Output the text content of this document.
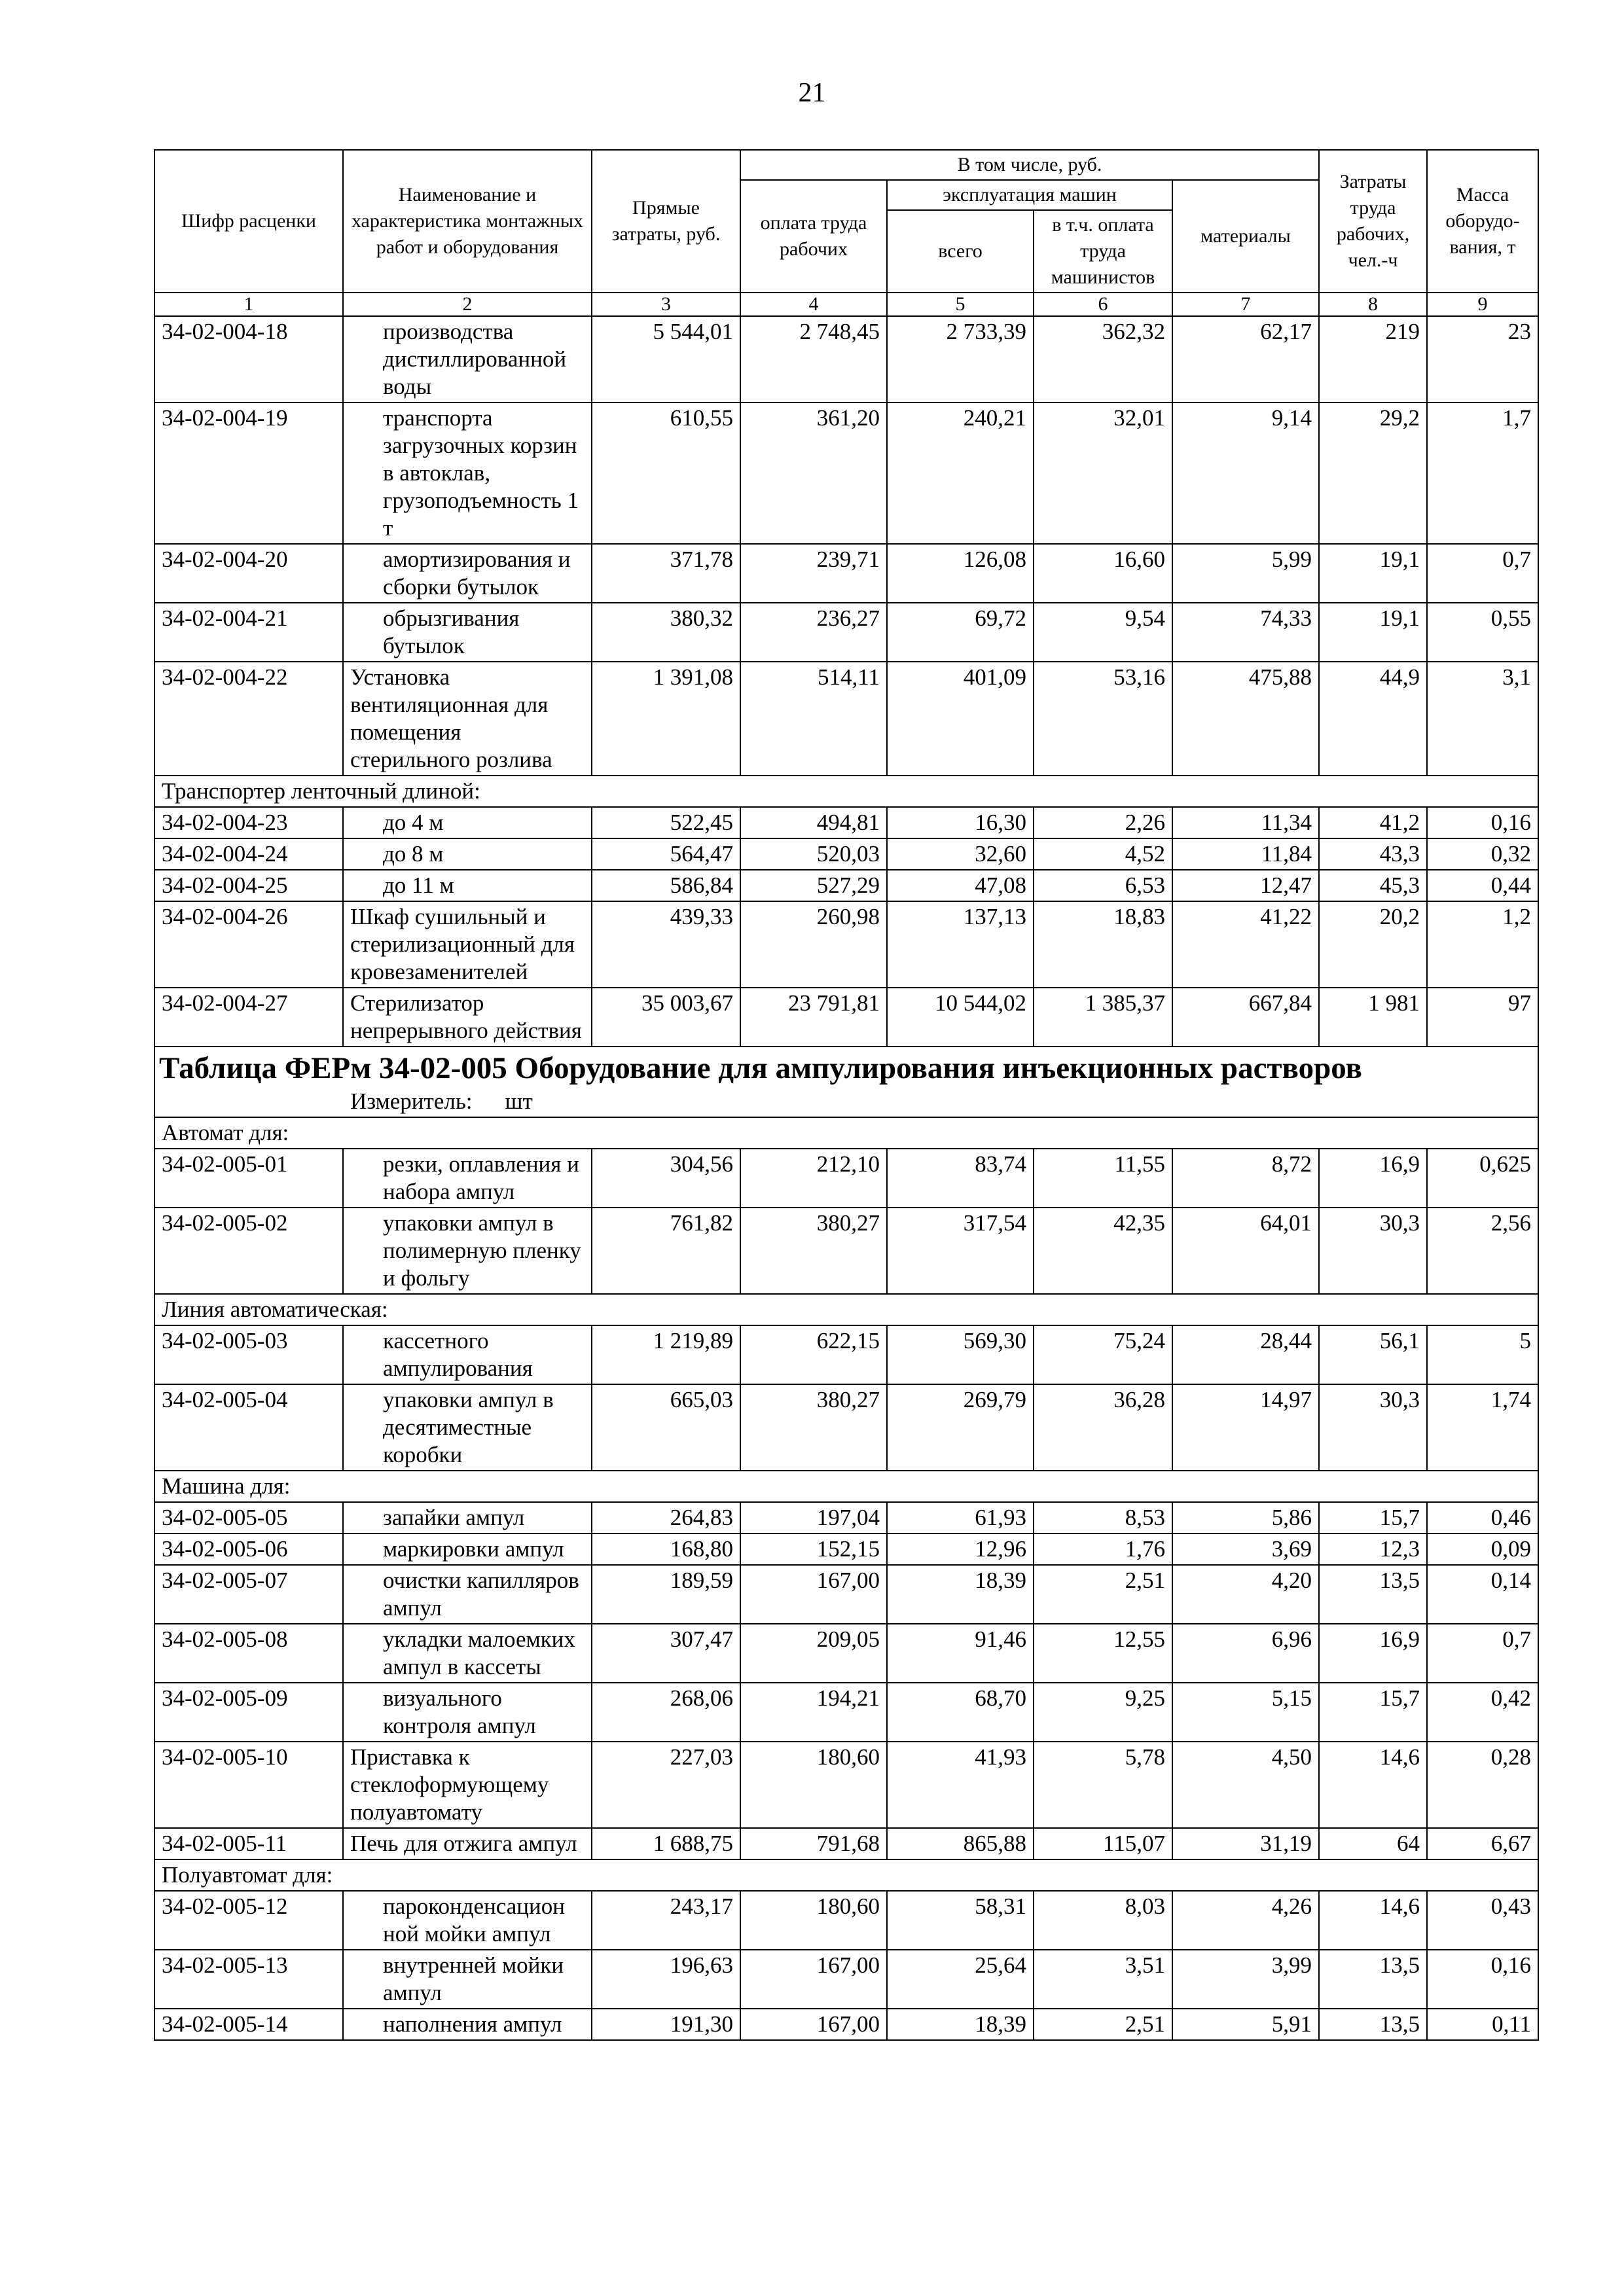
21
Шифр расценки	Наименование и характеристика монтажных работ и оборудования	Прямые затраты, руб.	В том числе, руб.				Затраты труда рабочих, чел.-ч	Масса оборудо-вания, т
			оплата труда рабочих	эксплуатация машин		материалы		
				всего	в т.ч. оплата труда машинистов			
1	2	3	4	5	6	7	8	9
34-02-004-18	производства дистиллированной воды	5 544,01	2 748,45	2 733,39	362,32	62,17	219	23
34-02-004-19	транспорта загрузочных корзин в автоклав, грузоподъемность 1 т	610,55	361,20	240,21	32,01	9,14	29,2	1,7
34-02-004-20	амортизирования и сборки бутылок	371,78	239,71	126,08	16,60	5,99	19,1	0,7
34-02-004-21	обрызгивания бутылок	380,32	236,27	69,72	9,54	74,33	19,1	0,55
34-02-004-22	Установка вентиляционная для помещения стерильного розлива	1 391,08	514,11	401,09	53,16	475,88	44,9	3,1
Транспортер ленточный длиной:								
34-02-004-23	до 4 м	522,45	494,81	16,30	2,26	11,34	41,2	0,16
34-02-004-24	до 8 м	564,47	520,03	32,60	4,52	11,84	43,3	0,32
34-02-004-25	до 11 м	586,84	527,29	47,08	6,53	12,47	45,3	0,44
34-02-004-26	Шкаф сушильный и стерилизационный для кровезаменителей	439,33	260,98	137,13	18,83	41,22	20,2	1,2
34-02-004-27	Стерилизатор непрерывного действия	35 003,67	23 791,81	10 544,02	1 385,37	667,84	1 981	97
Таблица ФЕРм 34-02-005 Оборудование для ампулирования инъекционных растворов								
Измеритель: шт								
Автомат для:								
34-02-005-01	резки, оплавления и набора ампул	304,56	212,10	83,74	11,55	8,72	16,9	0,625
34-02-005-02	упаковки ампул в полимерную пленку и фольгу	761,82	380,27	317,54	42,35	64,01	30,3	2,56
Линия автоматическая:								
34-02-005-03	кассетного ампулирования	1 219,89	622,15	569,30	75,24	28,44	56,1	5
34-02-005-04	упаковки ампул в десятиместные коробки	665,03	380,27	269,79	36,28	14,97	30,3	1,74
Машина для:								
34-02-005-05	запайки ампул	264,83	197,04	61,93	8,53	5,86	15,7	0,46
34-02-005-06	маркировки ампул	168,80	152,15	12,96	1,76	3,69	12,3	0,09
34-02-005-07	очистки капилляров ампул	189,59	167,00	18,39	2,51	4,20	13,5	0,14
34-02-005-08	укладки малоемких ампул в кассеты	307,47	209,05	91,46	12,55	6,96	16,9	0,7
34-02-005-09	визуального контроля ампул	268,06	194,21	68,70	9,25	5,15	15,7	0,42
34-02-005-10	Приставка к стеклоформующему полуавтомату	227,03	180,60	41,93	5,78	4,50	14,6	0,28
34-02-005-11	Печь для отжига ампул	1 688,75	791,68	865,88	115,07	31,19	64	6,67
Полуавтомат для:								
34-02-005-12	пароконденсацион ной мойки ампул	243,17	180,60	58,31	8,03	4,26	14,6	0,43
34-02-005-13	внутренней мойки ампул	196,63	167,00	25,64	3,51	3,99	13,5	0,16
34-02-005-14	наполнения ампул	191,30	167,00	18,39	2,51	5,91	13,5	0,11
